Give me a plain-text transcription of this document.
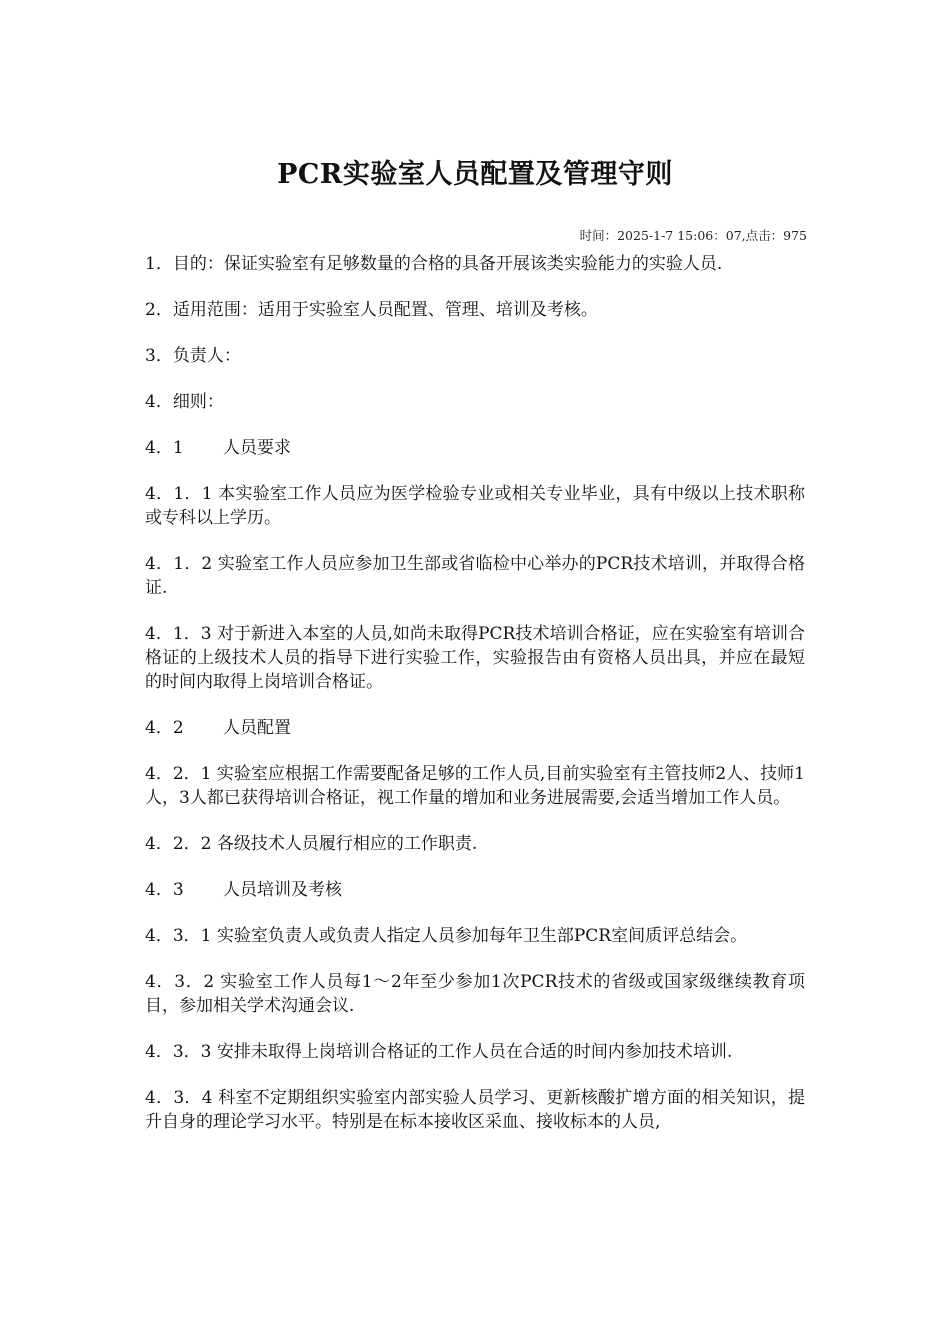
PCR实验室人员配置及管理守则
时间：2025-1-7 15:06：07,点击：975

1．目的：保证实验室有足够数量的合格的具备开展该类实验能力的实验人员.

2．适用范围：适用于实验室人员配置、管理、培训及考核。

3．负责人：

4．细则：

4．1　　 人员要求

4．1．1 本实验室工作人员应为医学检验专业或相关专业毕业，具有中级以上技术职称或专科以上学历。

4．1．2 实验室工作人员应参加卫生部或省临检中心举办的PCR技术培训，并取得合格证.

4．1．3 对于新进入本室的人员,如尚未取得PCR技术培训合格证，应在实验室有培训合格证的上级技术人员的指导下进行实验工作，实验报告由有资格人员出具，并应在最短的时间内取得上岗培训合格证。

4．2　　 人员配置

4．2．1 实验室应根据工作需要配备足够的工作人员,目前实验室有主管技师2人、技师1人，3人都已获得培训合格证，视工作量的增加和业务进展需要,会适当增加工作人员。

4．2．2 各级技术人员履行相应的工作职责.

4．3　　 人员培训及考核

4．3．1 实验室负责人或负责人指定人员参加每年卫生部PCR室间质评总结会。

4．3．2 实验室工作人员每1～2年至少参加1次PCR技术的省级或国家级继续教育项目，参加相关学术沟通会议.

4．3．3 安排未取得上岗培训合格证的工作人员在合适的时间内参加技术培训.

4．3．4 科室不定期组织实验室内部实验人员学习、更新核酸扩增方面的相关知识，提升自身的理论学习水平。特别是在标本接收区采血、接收标本的人员,
